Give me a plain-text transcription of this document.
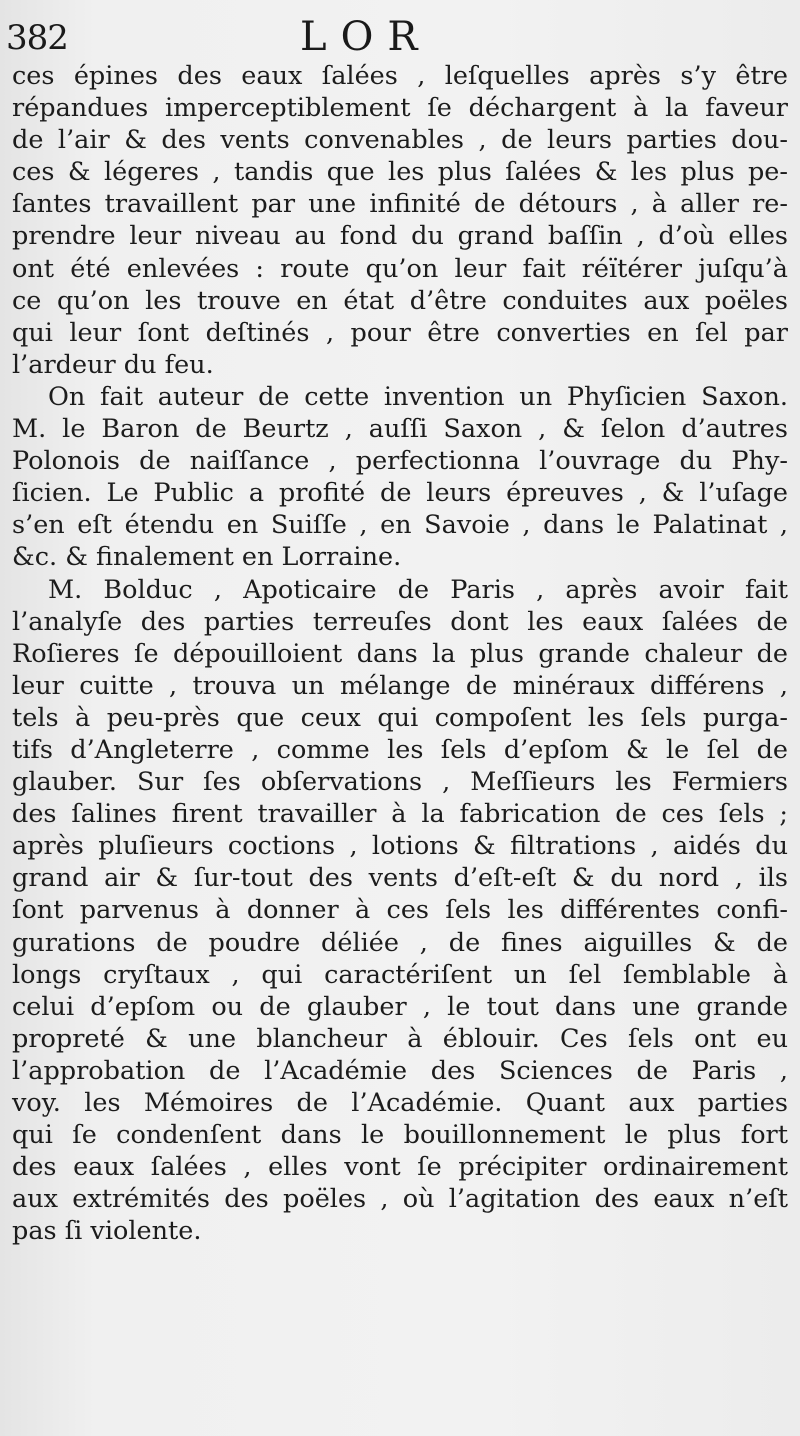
382	LOR
ces épines des eaux ſalées , leſquelles après s’y être
répandues imperceptiblement ſe déchargent à la faveur
de l’air & des vents convenables , de leurs parties dou-
ces & légeres , tandis que les plus ſalées & les plus pe-
ſantes travaillent par une infinité de détours , à aller re-
prendre leur niveau au fond du grand baſſin , d’où elles
ont été enlevées : route qu’on leur fait réïtérer juſqu’à
ce qu’on les trouve en état d’être conduites aux poëles
qui leur ſont deſtinés , pour être converties en ſel par
l’ardeur du feu.
On fait auteur de cette invention un Phyſicien Saxon.
M. le Baron de Beurtz , auſſi Saxon , & ſelon d’autres
Polonois de naiſſance , perfectionna l’ouvrage du Phy-
ſicien. Le Public a profité de leurs épreuves , & l’uſage
s’en eſt étendu en Suiſſe , en Savoie , dans le Palatinat ,
&c. & finalement en Lorraine.
M. Bolduc , Apoticaire de Paris , après avoir fait
l’analyſe des parties terreuſes dont les eaux ſalées de
Roſieres ſe dépouilloient dans la plus grande chaleur de
leur cuitte , trouva un mélange de minéraux différens ,
tels à peu-près que ceux qui compoſent les ſels purga-
tifs d’Angleterre , comme les ſels d’epſom & le ſel de
glauber. Sur ſes obſervations , Meſſieurs les Fermiers
des ſalines firent travailler à la fabrication de ces ſels ;
après pluſieurs coctions , lotions & filtrations , aidés du
grand air & ſur-tout des vents d’eſt-eſt & du nord , ils
ſont parvenus à donner à ces ſels les différentes confi-
gurations de poudre déliée , de fines aiguilles & de
longs cryſtaux , qui caractériſent un ſel ſemblable à
celui d’epſom ou de glauber , le tout dans une grande
propreté & une blancheur à éblouir. Ces ſels ont eu
l’approbation de l’Académie des Sciences de Paris ,
voy. les Mémoires de l’Académie. Quant aux parties
qui ſe condenſent dans le bouillonnement le plus fort
des eaux ſalées , elles vont ſe précipiter ordinairement
aux extrémités des poëles , où l’agitation des eaux n’eſt
pas ſi violente.
